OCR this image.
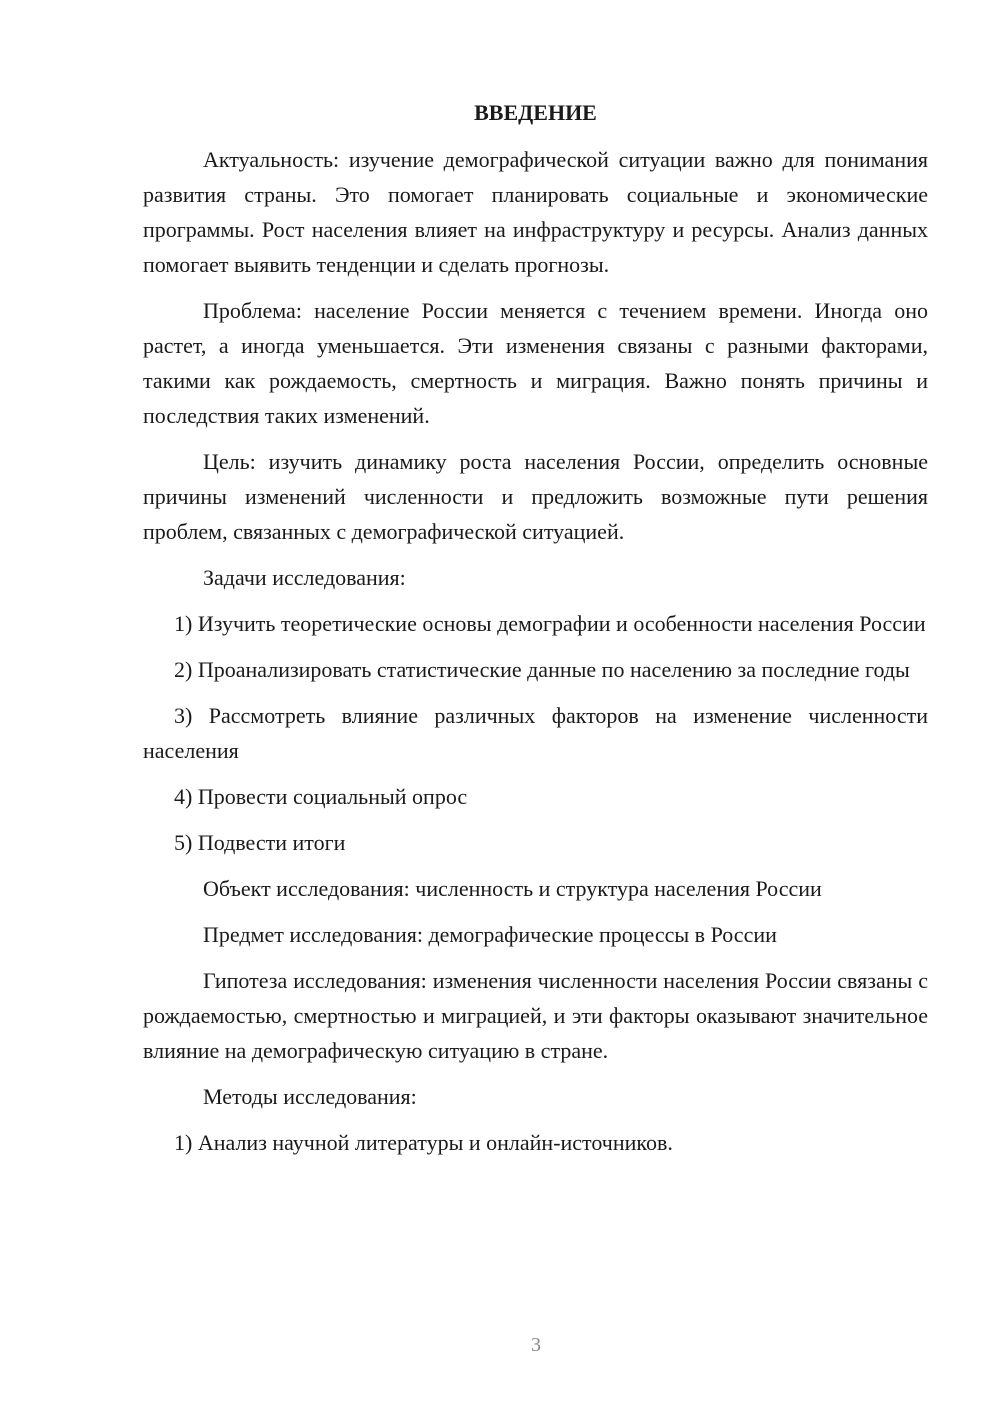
ВВЕДЕНИЕ

Актуальность: изучение демографической ситуации важно для понимания развития страны. Это помогает планировать социальные и экономические программы. Рост населения влияет на инфраструктуру и ресурсы. Анализ данных помогает выявить тенденции и сделать прогнозы.

Проблема: население России меняется с течением времени. Иногда оно растет, а иногда уменьшается. Эти изменения связаны с разными факторами, такими как рождаемость, смертность и миграция. Важно понять причины и последствия таких изменений.

Цель: изучить динамику роста населения России, определить основные причины изменений численности и предложить возможные пути решения проблем, связанных с демографической ситуацией.

Задачи исследования:

1) Изучить теоретические основы демографии и особенности населения России

2) Проанализировать статистические данные по населению за последние годы

3) Рассмотреть влияние различных факторов на изменение численности населения

4) Провести социальный опрос

5) Подвести итоги

Объект исследования: численность и структура населения России

Предмет исследования: демографические процессы в России

Гипотеза исследования: изменения численности населения России связаны с рождаемостью, смертностью и миграцией, и эти факторы оказывают значительное влияние на демографическую ситуацию в стране.

Методы исследования:

1) Анализ научной литературы и онлайн-источников.

3
